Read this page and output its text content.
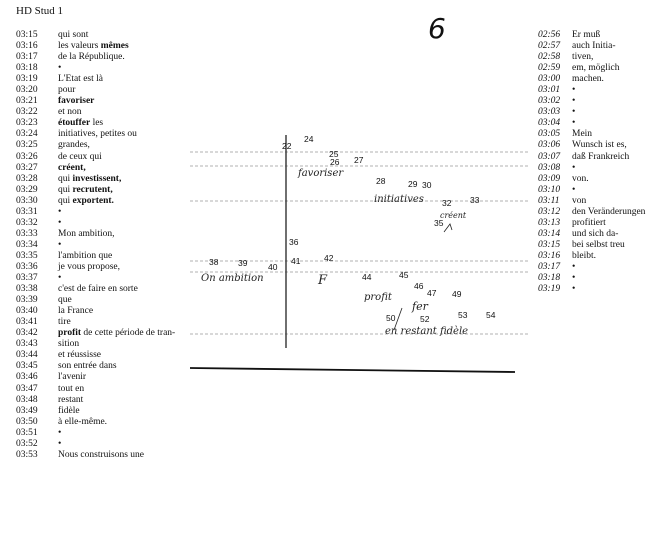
HD Stud 1
6
03:15	qui sont
03:16	les valeurs mêmes
03:17	de la République.
03:18	•
03:19	L'Etat est là
03:20	pour
03:21	favoriser
03:22	et non
03:23	étouffer les
03:24	initiatives, petites ou
03:25	grandes,
03:26	de ceux qui
03:27	créent,
03:28	qui investissent,
03:29	qui recrutent,
03:30	qui exportent.
03:31	•
03:32	•
03:33	Mon ambition,
03:34	•
03:35	l'ambition que
03:36	je vous propose,
03:37	•
03:38	c'est de faire en sorte
03:39	que
03:40	la France
03:41	tire
03:42	profit de cette période de tran-
03:43	sition
03:44	et réussisse
03:45	son entrée dans
03:46	l'avenir
03:47	tout en
03:48	restant
03:49	fidèle
03:50	à elle-même.
03:51	•
03:52	•
03:53	Nous construisons une
02:56	Er muß
02:57	auch Initia-
02:58	tiven,
02:59	em, möglich
03:00	machen.
03:01	•
03:02	•
03:03	•
03:04	•
03:05	Mein
03:06	Wunsch ist es,
03:07	daß Frankreich
03:08	•
03:09	von.
03:10	•
03:11	von
03:12	den Veränderungen
03:13	profitiert
03:14	und sich da-
03:15	bei selbst treu
03:16	bleibt.
03:17	•
03:18	•
03:19	•
22
24
25
26 27
28	29 30
32 33
35
36
38 39 40
41	42
44	45
46
47 49
50	52	53 54
favoriser
initiatives
créent
On ambition	F
profit
fer
en restant fidèle
